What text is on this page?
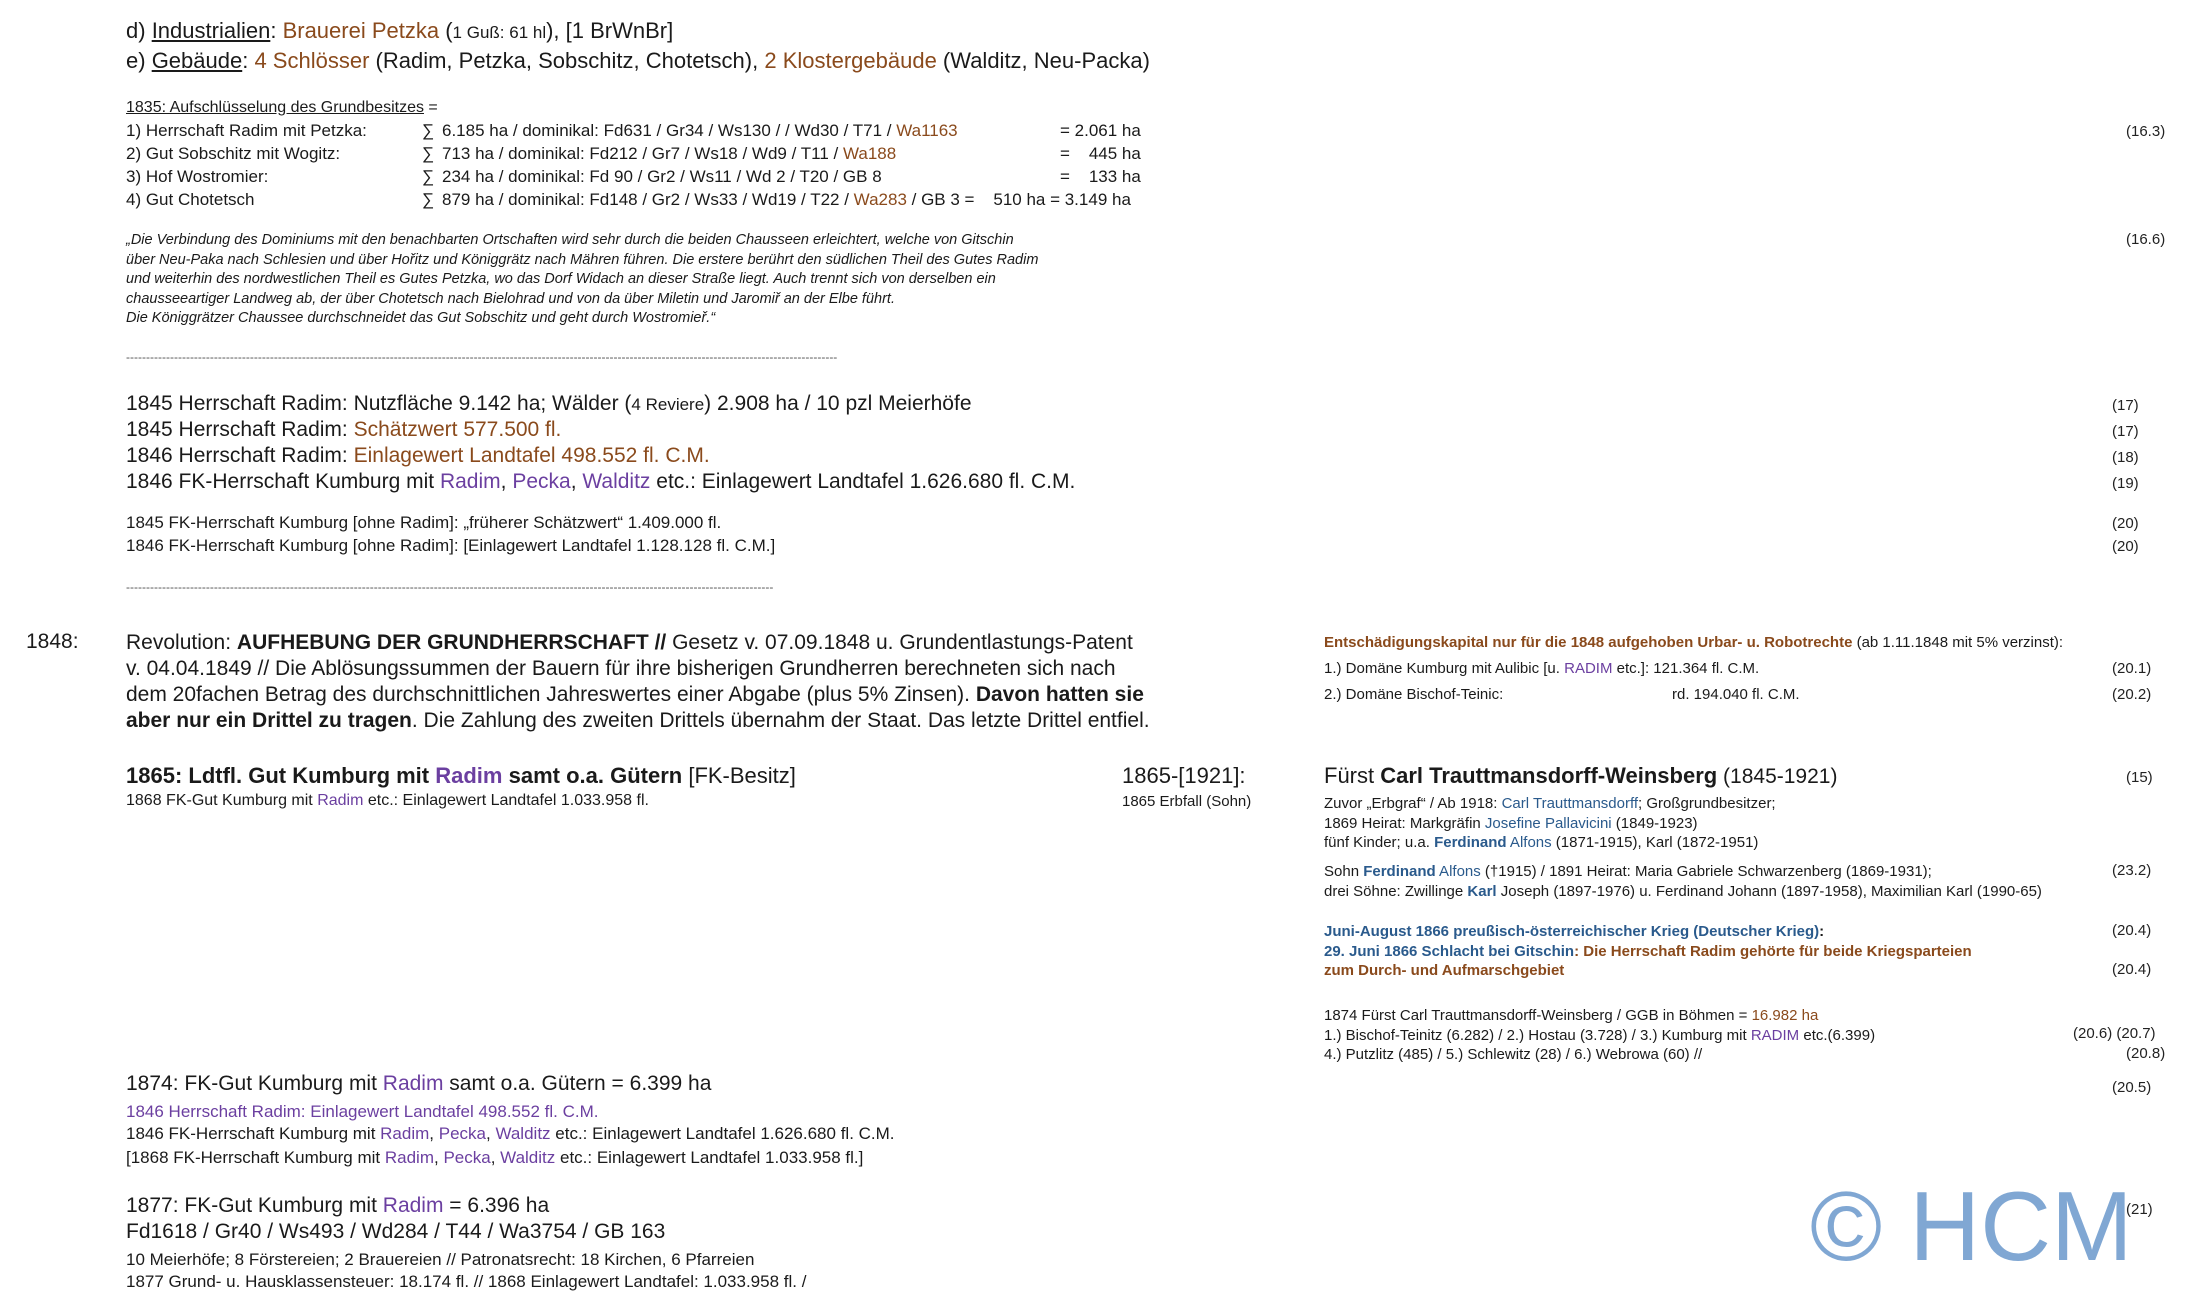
d) Industrialien: Brauerei Petzka (1 Guß: 61 hl), [1 BrWnBr]
e) Gebäude: 4 Schlösser (Radim, Petzka, Sobschitz, Chotetsch), 2 Klostergebäude (Walditz, Neu-Packa)
1835: Aufschlüsselung des Grundbesitzes =
(16.3)
1) Herrschaft Radim mit Petzka:	∑ 6.185 ha / dominikal: Fd631 / Gr34 / Ws130 / / Wd30 / T71 / Wa1163	= 2.061 ha
2) Gut Sobschitz mit Wogitz:	∑ 713 ha / dominikal: Fd212 / Gr7 / Ws18 / Wd9 / T11 / Wa188	=    445 ha
3) Hof Wostromier:	∑ 234 ha / dominikal: Fd 90 / Gr2 / Ws11 / Wd 2 / T20 / GB 8	=    133 ha
4) Gut Chotetsch	∑ 879 ha / dominikal: Fd148 / Gr2 / Ws33 / Wd19 / T22 / Wa283 / GB 3 =    510 ha = 3.149 ha
„Die Verbindung des Dominiums mit den benachbarten Ortschaften wird sehr durch die beiden Chausseen erleichtert, welche von Gitschin
über Neu-Paka nach Schlesien und über Hořitz und Königgrätz nach Mähren führen. Die erstere berührt den südlichen Theil des Gutes Radim
und weiterhin des nordwestlichen Theil es Gutes Petzka, wo das Dorf Widach an dieser Straße liegt. Auch trennt sich von derselben ein
chausseeartiger Landweg ab, der über Chotetsch nach Bielohrad und von da über Miletin und Jaromiř an der Elbe führt.
Die Königgrätzer Chaussee durchschneidet das Gut Sobschitz und geht durch Wostromieř.“
(16.6)
----------------------------------------------------------------------------------------------------------------------------------------------------------------------------------
1845 Herrschaft Radim: Nutzfläche 9.142 ha; Wälder (4 Reviere) 2.908 ha / 10 pzl Meierhöfe	(17)
1845 Herrschaft Radim: Schätzwert 577.500 fl.	(17)
1846 Herrschaft Radim: Einlagewert Landtafel 498.552 fl. C.M.	(18)
1846 FK-Herrschaft Kumburg mit Radim, Pecka, Walditz etc.: Einlagewert Landtafel 1.626.680 fl. C.M.	(19)
1845 FK-Herrschaft Kumburg [ohne Radim]: „früherer Schätzwert“ 1.409.000 fl.	(20)
1846 FK-Herrschaft Kumburg [ohne Radim]: [Einlagewert Landtafel 1.128.128 fl. C.M.]	(20)
------------------------------------------------------------------------------------------------------------------------------------------------------------------
1848: Revolution: AUFHEBUNG DER GRUNDHERRSCHAFT // Gesetz v. 07.09.1848 u. Grundentlastungs-Patent
v. 04.04.1849 // Die Ablösungssummen der Bauern für ihre bisherigen Grundherren berechneten sich nach
dem 20fachen Betrag des durchschnittlichen Jahreswertes einer Abgabe (plus 5% Zinsen). Davon hatten sie
aber nur ein Drittel zu tragen. Die Zahlung des zweiten Drittels übernahm der Staat. Das letzte Drittel entfiel.
Entschädigungskapital nur für die 1848 aufgehoben Urbar- u. Robotrechte (ab 1.11.1848 mit 5% verzinst):
1.) Domäne Kumburg mit Aulibic [u. RADIM etc.]: 121.364 fl. C.M.	(20.1)
2.) Domäne Bischof-Teinic:	rd. 194.040 fl. C.M.	(20.2)
1865: Ldtfl. Gut Kumburg mit Radim samt o.a. Gütern [FK-Besitz]
1868 FK-Gut Kumburg mit Radim etc.: Einlagewert Landtafel 1.033.958 fl.
1865-[1921]:
1865 Erbfall (Sohn)
Fürst Carl Trauttmansdorff-Weinsberg (1845-1921)	(15)
Zuvor „Erbgraf“ / Ab 1918: Carl Trauttmansdorff; Großgrundbesitzer;
1869 Heirat: Markgräfin Josefine Pallavicini (1849-1923)
fünf Kinder; u.a. Ferdinand Alfons (1871-1915), Karl (1872-1951)
Sohn Ferdinand Alfons (†1915) / 1891 Heirat: Maria Gabriele Schwarzenberg (1869-1931);
drei Söhne: Zwillinge Karl Joseph (1897-1976) u. Ferdinand Johann (1897-1958), Maximilian Karl (1990-65)
(23.2)
Juni-August 1866 preußisch-österreichischer Krieg (Deutscher Krieg):
29. Juni 1866 Schlacht bei Gitschin: Die Herrschaft Radim gehörte für beide Kriegsparteien
zum Durch- und Aufmarschgebiet
(20.4)
(20.4)
1874 Fürst Carl Trauttmansdorff-Weinsberg / GGB in Böhmen = 16.982 ha
1.) Bischof-Teinitz (6.282) / 2.) Hostau (3.728) / 3.) Kumburg mit RADIM etc.(6.399)
4.) Putzlitz (485) / 5.) Schlewitz (28) / 6.) Webrowa (60) //
(20.6) (20.7)
(20.8)
1874: FK-Gut Kumburg mit Radim samt o.a. Gütern = 6.399 ha	(20.5)
1846 Herrschaft Radim: Einlagewert Landtafel 498.552 fl. C.M.
1846 FK-Herrschaft Kumburg mit Radim, Pecka, Walditz etc.: Einlagewert Landtafel 1.626.680 fl. C.M.
[1868 FK-Herrschaft Kumburg mit Radim, Pecka, Walditz etc.: Einlagewert Landtafel 1.033.958 fl.]
1877: FK-Gut Kumburg mit Radim = 6.396 ha
Fd1618 / Gr40 / Ws493 / Wd284 / T44 / Wa3754 / GB 163
10 Meierhöfe; 8 Förstereien; 2 Brauereien // Patronatsrecht: 18 Kirchen, 6 Pfarreien
1877 Grund- u. Hausklassensteuer: 18.174 fl. // 1868 Einlagewert Landtafel: 1.033.958 fl. /
(21)
© HCM
